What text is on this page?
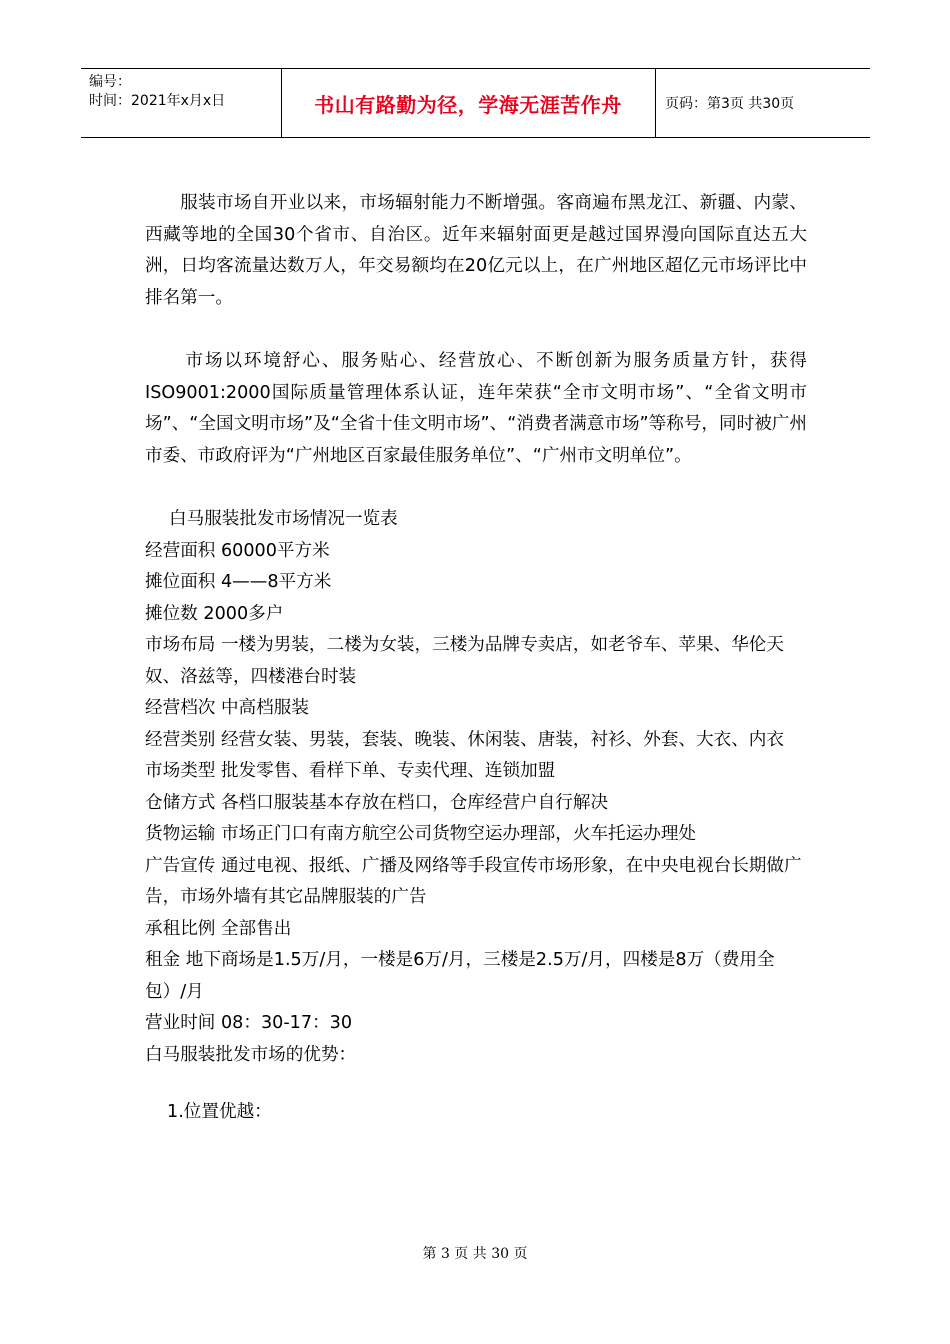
编号：
时间：2021年x月x日	书山有路勤为径，学海无涯苦作舟	页码：第3页 共30页

服装市场自开业以来，市场辐射能力不断增强。客商遍布黑龙江、新疆、内蒙、西藏等地的全国30个省市、自治区。近年来辐射面更是越过国界漫向国际直达五大洲，日均客流量达数万人，年交易额均在20亿元以上，在广州地区超亿元市场评比中排名第一。

市场以环境舒心、服务贴心、经营放心、不断创新为服务质量方针，获得ISO9001:2000国际质量管理体系认证，连年荣获“全市文明市场”、“全省文明市场”、“全国文明市场”及“全省十佳文明市场”、“消费者满意市场”等称号，同时被广州市委、市政府评为“广州地区百家最佳服务单位”、“广州市文明单位”。

白马服装批发市场情况一览表

经营面积 60000平方米

摊位面积 4——8平方米

摊位数 2000多户

市场布局 一楼为男装，二楼为女装，三楼为品牌专卖店，如老爷车、苹果、华伦天奴、洛兹等，四楼港台时装

经营档次 中高档服装

经营类别 经营女装、男装，套装、晚装、休闲装、唐装，衬衫、外套、大衣、内衣

市场类型 批发零售、看样下单、专卖代理、连锁加盟

仓储方式 各档口服装基本存放在档口，仓库经营户自行解决

货物运输 市场正门口有南方航空公司货物空运办理部，火车托运办理处

广告宣传 通过电视、报纸、广播及网络等手段宣传市场形象，在中央电视台长期做广告，市场外墙有其它品牌服装的广告

承租比例 全部售出

租金 地下商场是1.5万/月，一楼是6万/月，三楼是2.5万/月，四楼是8万（费用全包）/月

营业时间 08：30-17：30

白马服装批发市场的优势：

1.位置优越：

第 3 页 共 30 页
